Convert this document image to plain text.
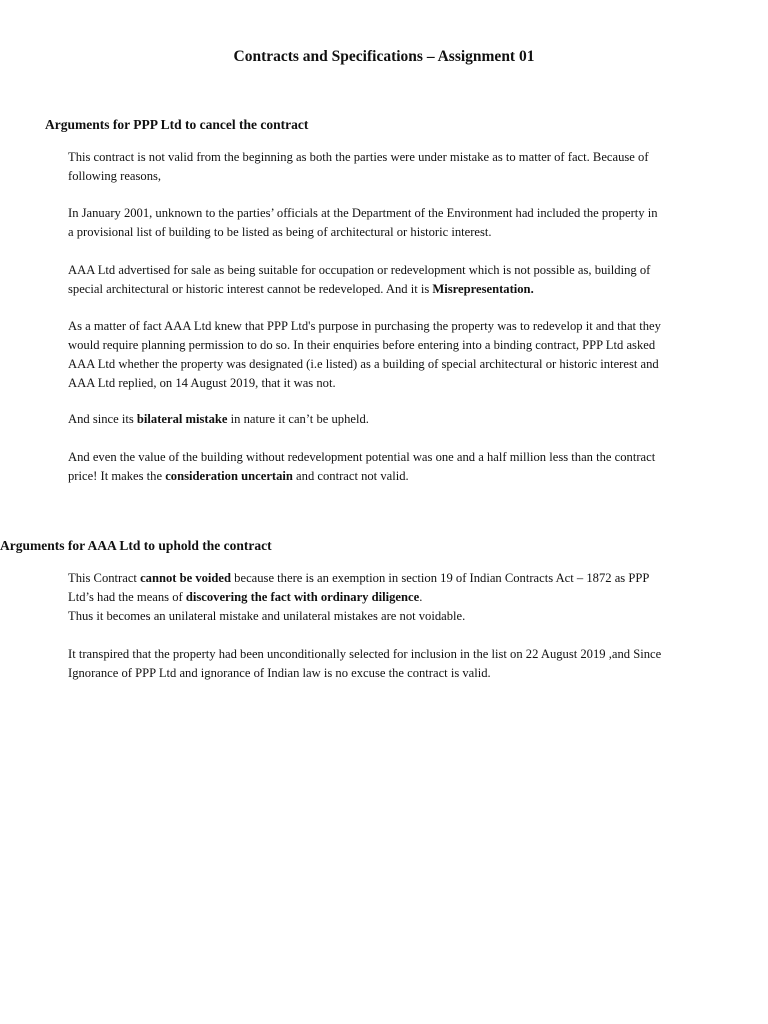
Contracts and Specifications – Assignment 01
Arguments for PPP Ltd to cancel the contract

This contract is not valid from the beginning as both the parties were under mistake as to matter of fact. Because of
following reasons,

In January 2001, unknown to the parties’ officials at the Department of the Environment had included the property in
a provisional list of building to be listed as being of architectural or historic interest.

AAA Ltd advertised for sale as being suitable for occupation or redevelopment which is not possible as, building of
special architectural or historic interest cannot be redeveloped. And it is Misrepresentation.

As a matter of fact AAA Ltd knew that PPP Ltd's purpose in purchasing the property was to redevelop it and that they
would require planning permission to do so. In their enquiries before entering into a binding contract, PPP Ltd asked
AAA Ltd whether the property was designated (i.e listed) as a building of special architectural or historic interest and
AAA Ltd replied, on 14 August 2019, that it was not.

And since its bilateral mistake in nature it can’t be upheld.

And even the value of the building without redevelopment potential was one and a half million less than the contract
price! It makes the consideration uncertain and contract not valid.

Arguments for AAA Ltd to uphold the contract

This Contract cannot be voided because there is an exemption in section 19 of Indian Contracts Act – 1872 as PPP
Ltd’s had the means of discovering the fact with ordinary diligence.
Thus it becomes an unilateral mistake and unilateral mistakes are not voidable.

It transpired that the property had been unconditionally selected for inclusion in the list on 22 August 2019 ,and Since
Ignorance of PPP Ltd and ignorance of Indian law is no excuse the contract is valid.
